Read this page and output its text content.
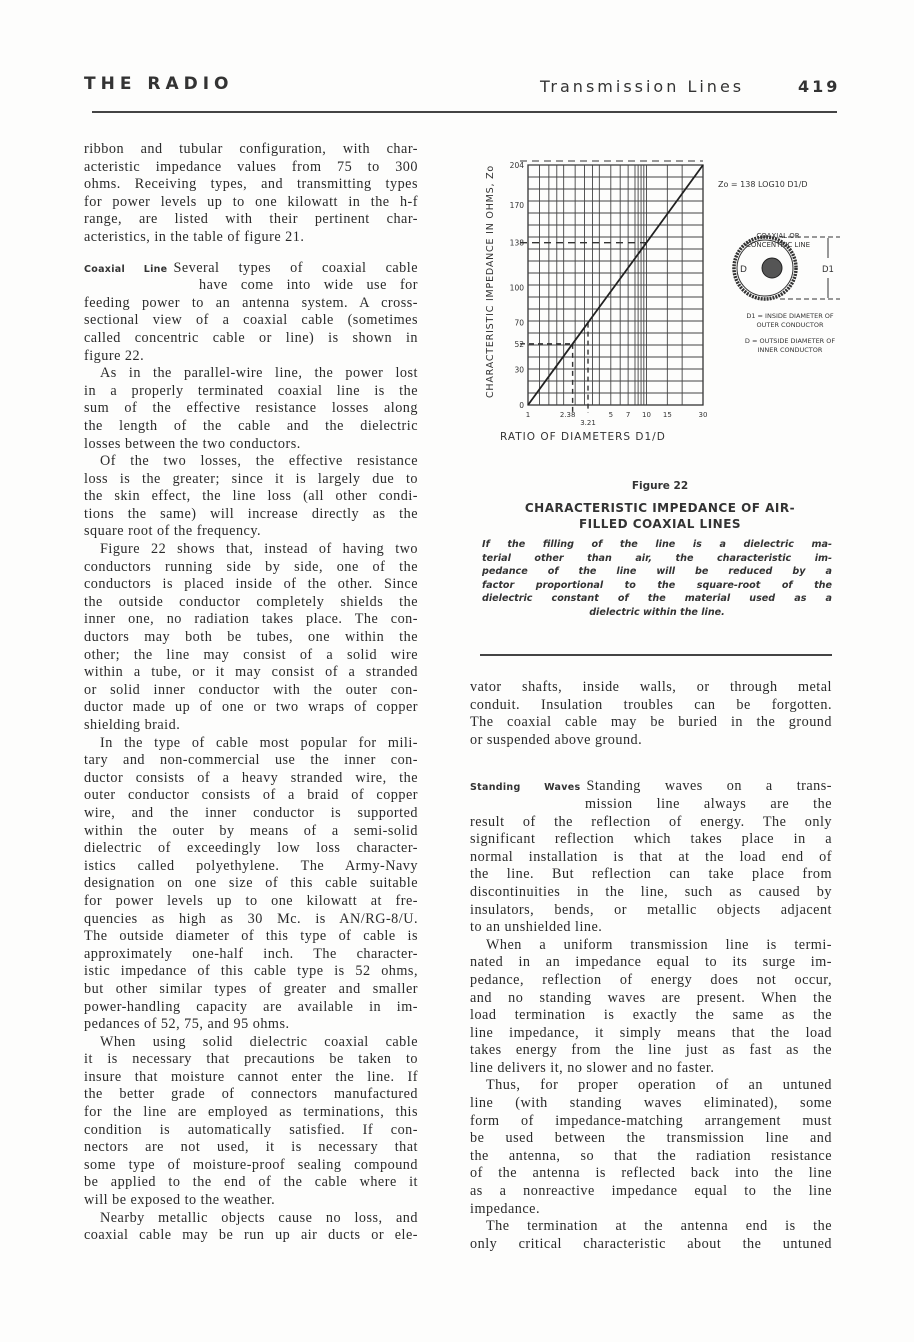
THE RADIO	Transmission Lines	419
ribbon and tubular configuration, with char-
acteristic impedance values from 75 to 300
ohms. Receiving types, and transmitting types
for power levels up to one kilowatt in the h-f
range, are listed with their pertinent char-
acteristics, in the table of figure 21.
Coaxial Line Several types of coaxial cable
have come into wide use for
feeding power to an antenna system. A cross-
sectional view of a coaxial cable (sometimes
called concentric cable or line) is shown in
figure 22.
As in the parallel-wire line, the power lost
in a properly terminated coaxial line is the
sum of the effective resistance losses along
the length of the cable and the dielectric
losses between the two conductors.
Of the two losses, the effective resistance
loss is the greater; since it is largely due to
the skin effect, the line loss (all other condi-
tions the same) will increase directly as the
square root of the frequency.
Figure 22 shows that, instead of having two
conductors running side by side, one of the
conductors is placed inside of the other. Since
the outside conductor completely shields the
inner one, no radiation takes place. The con-
ductors may both be tubes, one within the
other; the line may consist of a solid wire
within a tube, or it may consist of a stranded
or solid inner conductor with the outer con-
ductor made up of one or two wraps of copper
shielding braid.
In the type of cable most popular for mili-
tary and non-commercial use the inner con-
ductor consists of a heavy stranded wire, the
outer conductor consists of a braid of copper
wire, and the inner conductor is supported
within the outer by means of a semi-solid
dielectric of exceedingly low loss character-
istics called polyethylene. The Army-Navy
designation on one size of this cable suitable
for power levels up to one kilowatt at fre-
quencies as high as 30 Mc. is AN/RG-8/U.
The outside diameter of this type of cable is
approximately one-half inch. The character-
istic impedance of this cable type is 52 ohms,
but other similar types of greater and smaller
power-handling capacity are available in im-
pedances of 52, 75, and 95 ohms.
When using solid dielectric coaxial cable
it is necessary that precautions be taken to
insure that moisture cannot enter the line. If
the better grade of connectors manufactured
for the line are employed as terminations, this
condition is automatically satisfied. If con-
nectors are not used, it is necessary that
some type of moisture-proof sealing compound
be applied to the end of the cable where it
will be exposed to the weather.
Nearby metallic objects cause no loss, and
coaxial cable may be run up air ducts or ele-
vator shafts, inside walls, or through metal
conduit. Insulation troubles can be forgotten.
The coaxial cable may be buried in the ground
or suspended above ground.
Standing Waves Standing waves on a trans-
mission line always are the
result of the reflection of energy. The only
significant reflection which takes place in a
normal installation is that at the load end of
the line. But reflection can take place from
discontinuities in the line, such as caused by
insulators, bends, or metallic objects adjacent
to an unshielded line.
When a uniform transmission line is termi-
nated in an impedance equal to its surge im-
pedance, reflection of energy does not occur,
and no standing waves are present. When the
load termination is exactly the same as the
line impedance, it simply means that the load
takes energy from the line just as fast as the
line delivers it, no slower and no faster.
Thus, for proper operation of an untuned
line (with standing waves eliminated), some
form of impedance-matching arrangement must
be used between the transmission line and
the antenna, so that the radiation resistance
of the antenna is reflected back into the line
as a nonreactive impedance equal to the line
impedance.
The termination at the antenna end is the
only critical characteristic about the untuned
0
30
52
70
100
138
170
204
1	2.38
3.21
5 7 10 15	30
RATIO OF DIAMETERS D1/D
CHARACTERISTIC IMPEDANCE IN OHMS, Zo	Zo = 138 LOG10 D1/D
COAXIAL OR
CONCENTRIC LINE
D	D1
D1 = INSIDE DIAMETER OF
OUTER CONDUCTOR
D = OUTSIDE DIAMETER OF
INNER CONDUCTOR
Figure 22
CHARACTERISTIC IMPEDANCE OF AIR-
FILLED COAXIAL LINES
If the filling of the line is a dielectric ma-
terial other than air, the characteristic im-
pedance of the line will be reduced by a
factor proportional to the square-root of the
dielectric constant of the material used as a
dielectric within the line.
